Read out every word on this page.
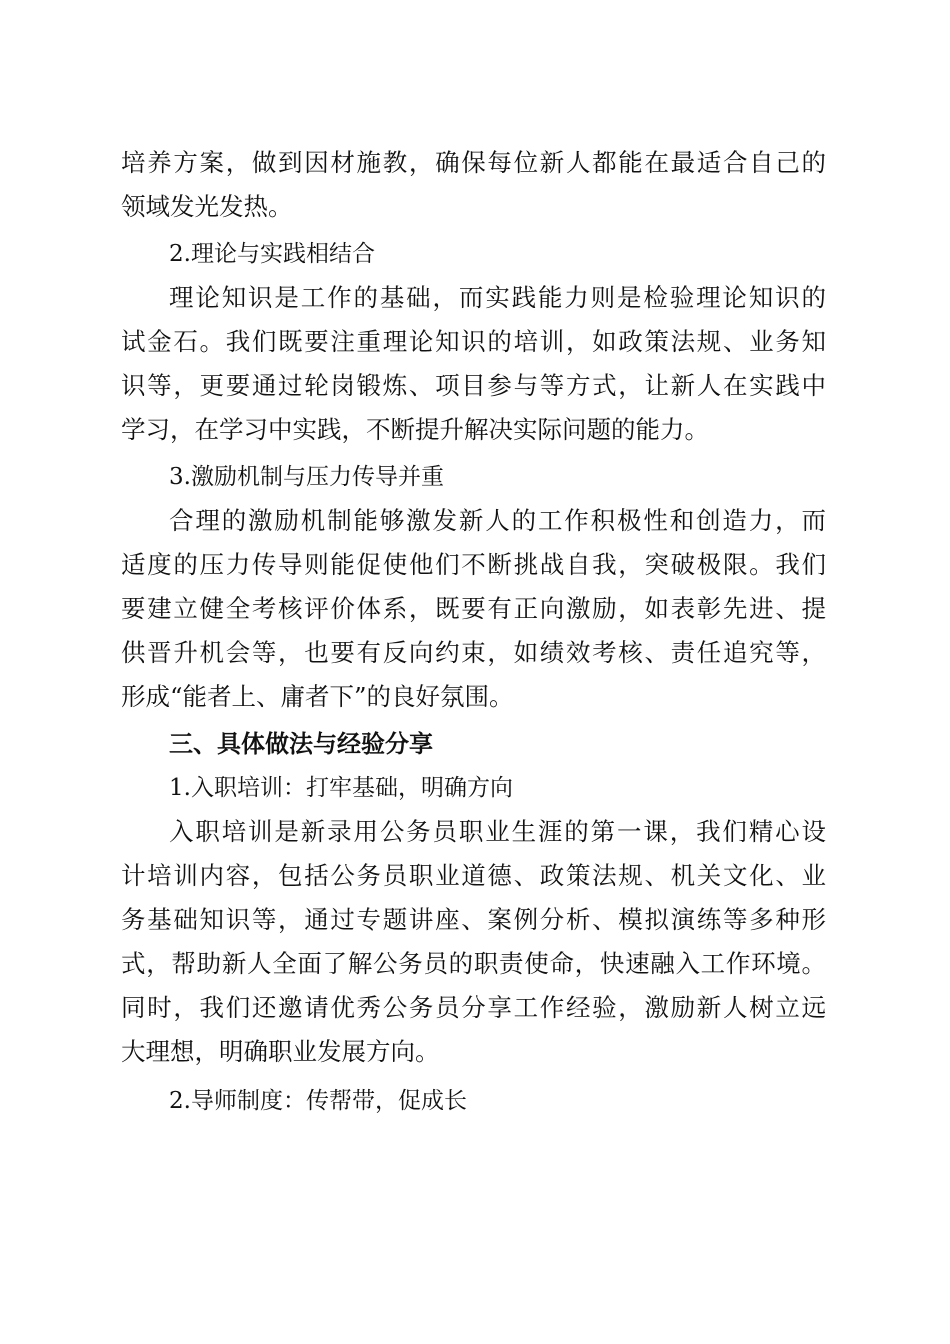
培养方案，做到因材施教，确保每位新人都能在最适合自己的
领域发光发热。
2.理论与实践相结合
理论知识是工作的基础，而实践能力则是检验理论知识的
试金石。我们既要注重理论知识的培训，如政策法规、业务知
识等，更要通过轮岗锻炼、项目参与等方式，让新人在实践中
学习，在学习中实践，不断提升解决实际问题的能力。
3.激励机制与压力传导并重
合理的激励机制能够激发新人的工作积极性和创造力，而
适度的压力传导则能促使他们不断挑战自我，突破极限。我们
要建立健全考核评价体系，既要有正向激励，如表彰先进、提
供晋升机会等，也要有反向约束，如绩效考核、责任追究等，
形成“能者上、庸者下”的良好氛围。
三、具体做法与经验分享
1.入职培训：打牢基础，明确方向
入职培训是新录用公务员职业生涯的第一课，我们精心设
计培训内容，包括公务员职业道德、政策法规、机关文化、业
务基础知识等，通过专题讲座、案例分析、模拟演练等多种形
式，帮助新人全面了解公务员的职责使命，快速融入工作环境。
同时，我们还邀请优秀公务员分享工作经验，激励新人树立远
大理想，明确职业发展方向。
2.导师制度：传帮带，促成长
